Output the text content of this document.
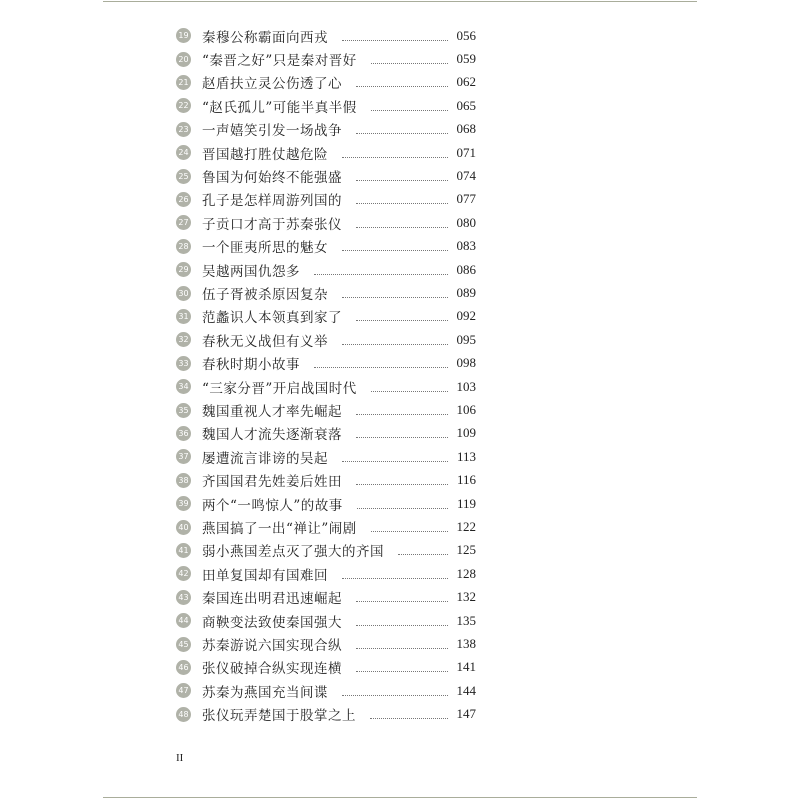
19 秦穆公称霸面向西戎	056
20 “秦晋之好”只是秦对晋好	059
21 赵盾扶立灵公伤透了心	062
22 “赵氏孤儿”可能半真半假	065
23 一声嬉笑引发一场战争	068
24 晋国越打胜仗越危险	071
25 鲁国为何始终不能强盛	074
26 孔子是怎样周游列国的	077
27 子贡口才高于苏秦张仪	080
28 一个匪夷所思的魅女	083
29 吴越两国仇怨多	086
30 伍子胥被杀原因复杂	089
31 范蠡识人本领真到家了	092
32 春秋无义战但有义举	095
33 春秋时期小故事	098
34 “三家分晋”开启战国时代	103
35 魏国重视人才率先崛起	106
36 魏国人才流失逐渐衰落	109
37 屡遭流言诽谤的吴起	113
38 齐国国君先姓姜后姓田	116
39 两个“一鸣惊人”的故事	119
40 燕国搞了一出“禅让”闹剧	122
41 弱小燕国差点灭了强大的齐国	125
42 田单复国却有国难回	128
43 秦国连出明君迅速崛起	132
44 商鞅变法致使秦国强大	135
45 苏秦游说六国实现合纵	138
46 张仪破掉合纵实现连横	141
47 苏秦为燕国充当间谍	144
48 张仪玩弄楚国于股掌之上	147
II
